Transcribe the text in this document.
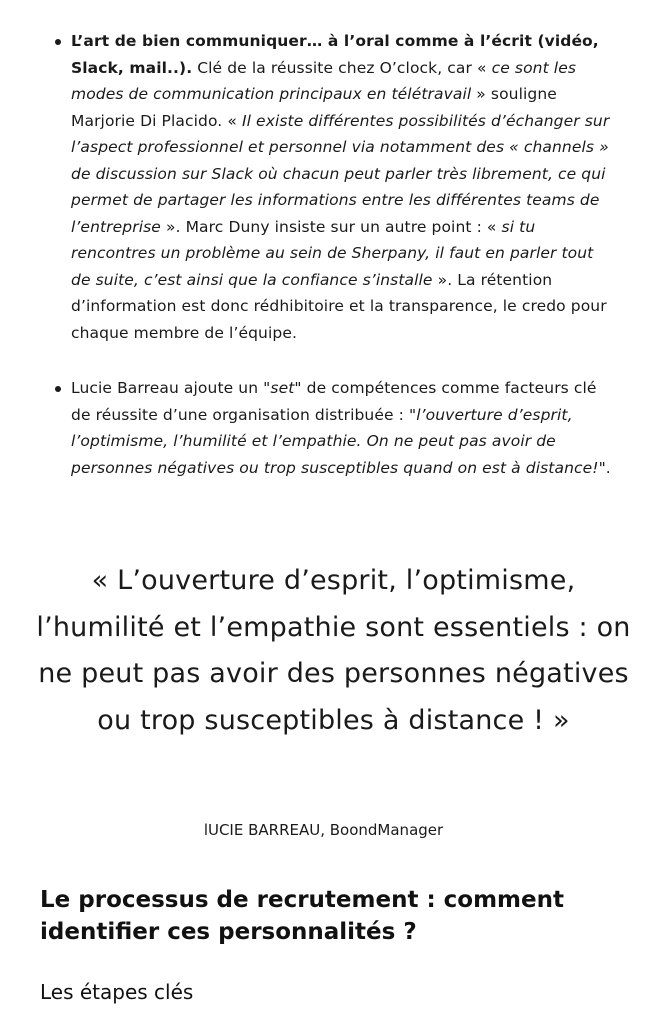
L’art de bien communiquer… à l’oral comme à l’écrit (vidéo, Slack, mail..). Clé de la réussite chez O’clock, car « ce sont les modes de communication principaux en télétravail » souligne Marjorie Di Placido. « Il existe différentes possibilités d’échanger sur l’aspect professionnel et personnel via notamment des « channels » de discussion sur Slack où chacun peut parler très librement, ce qui permet de partager les informations entre les différentes teams de l’entreprise ». Marc Duny insiste sur un autre point : « si tu rencontres un problème au sein de Sherpany, il faut en parler tout de suite, c’est ainsi que la confiance s’installe ». La rétention d’information est donc rédhibitoire et la transparence, le credo pour chaque membre de l’équipe.
Lucie Barreau ajoute un "set" de compétences comme facteurs clé de réussite d’une organisation distribuée : "l’ouverture d’esprit, l’optimisme, l’humilité et l’empathie. On ne peut pas avoir de personnes négatives ou trop susceptibles quand on est à distance!".
« L’ouverture d’esprit, l’optimisme, l’humilité et l’empathie sont essentiels : on ne peut pas avoir des personnes négatives ou trop susceptibles à distance ! »
lUCIE BARREAU, BoondManager
Le processus de recrutement : comment identifier ces personnalités ?
Les étapes clés
